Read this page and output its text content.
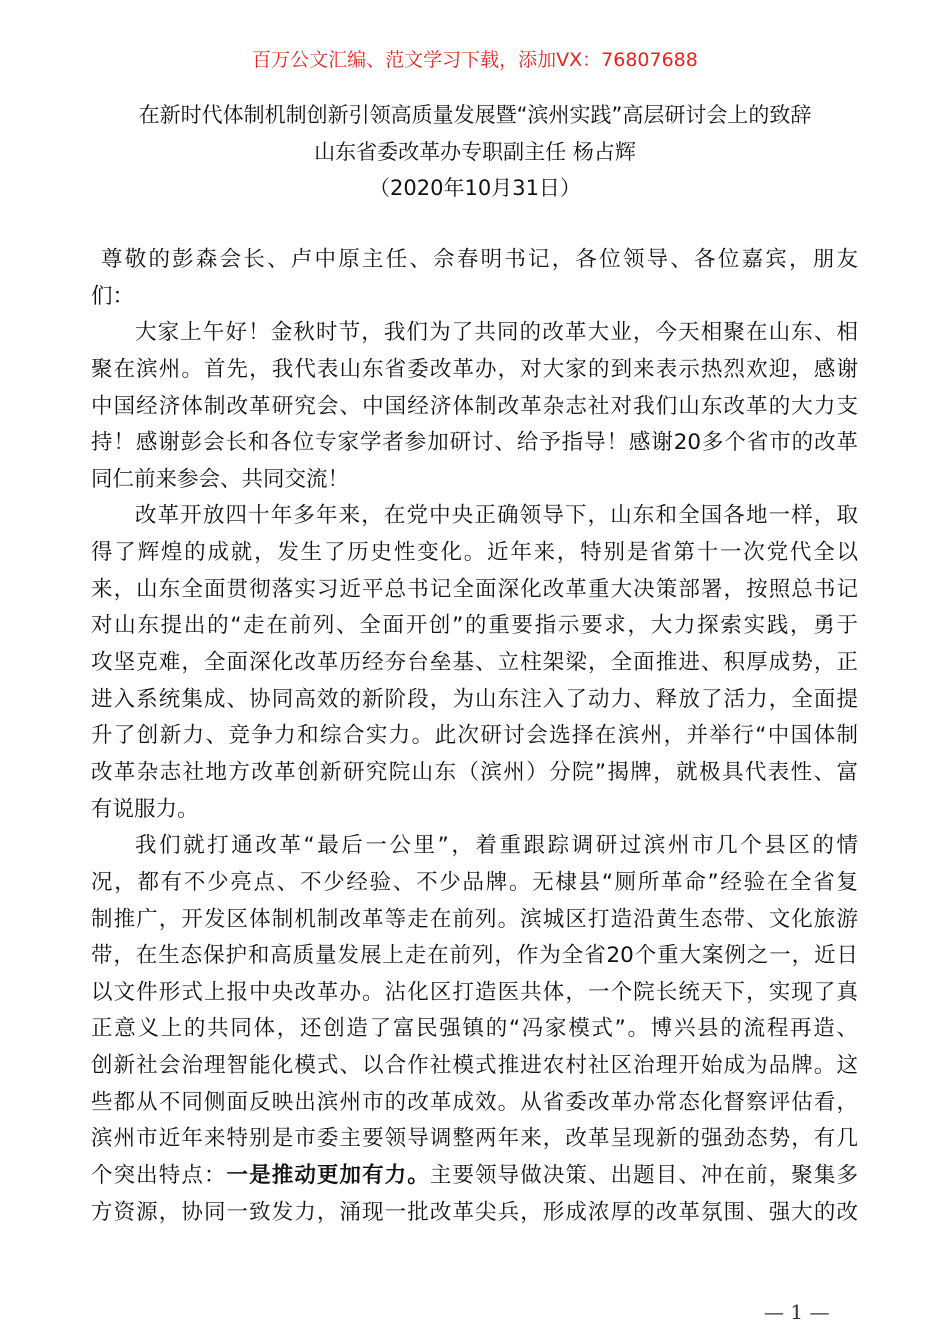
百万公文汇编、范文学习下载，添加VX：76807688
在新时代体制机制创新引领高质量发展暨“滨州实践”高层研讨会上的致辞
山东省委改革办专职副主任 杨占辉
（2020年10月31日）
尊敬的彭森会长、卢中原主任、佘春明书记，各位领导、各位嘉宾，朋友
们：
大家上午好！金秋时节，我们为了共同的改革大业，今天相聚在山东、相
聚在滨州。首先，我代表山东省委改革办，对大家的到来表示热烈欢迎，感谢
中国经济体制改革研究会、中国经济体制改革杂志社对我们山东改革的大力支
持！感谢彭会长和各位专家学者参加研讨、给予指导！感谢20多个省市的改革
同仁前来参会、共同交流！
改革开放四十年多年来，在党中央正确领导下，山东和全国各地一样，取
得了辉煌的成就，发生了历史性变化。近年来，特别是省第十一次党代全以
来，山东全面贯彻落实习近平总书记全面深化改革重大决策部署，按照总书记
对山东提出的“走在前列、全面开创”的重要指示要求，大力探索实践，勇于
攻坚克难，全面深化改革历经夯台垒基、立柱架梁，全面推进、积厚成势，正
进入系统集成、协同高效的新阶段，为山东注入了动力、释放了活力，全面提
升了创新力、竞争力和综合实力。此次研讨会选择在滨州，并举行“中国体制
改革杂志社地方改革创新研究院山东（滨州）分院”揭牌，就极具代表性、富
有说服力。
我们就打通改革“最后一公里”，着重跟踪调研过滨州市几个县区的情
况，都有不少亮点、不少经验、不少品牌。无棣县“厕所革命”经验在全省复
制推广，开发区体制机制改革等走在前列。滨城区打造沿黄生态带、文化旅游
带，在生态保护和高质量发展上走在前列，作为全省20个重大案例之一，近日
以文件形式上报中央改革办。沾化区打造医共体，一个院长统天下，实现了真
正意义上的共同体，还创造了富民强镇的“冯家模式”。博兴县的流程再造、
创新社会治理智能化模式、以合作社模式推进农村社区治理开始成为品牌。这
些都从不同侧面反映出滨州市的改革成效。从省委改革办常态化督察评估看，
滨州市近年来特别是市委主要领导调整两年来，改革呈现新的强劲态势，有几
个突出特点：一是推动更加有力。主要领导做决策、出题目、冲在前，聚集多
方资源，协同一致发力，涌现一批改革尖兵，形成浓厚的改革氛围、强大的改
— 1 —
